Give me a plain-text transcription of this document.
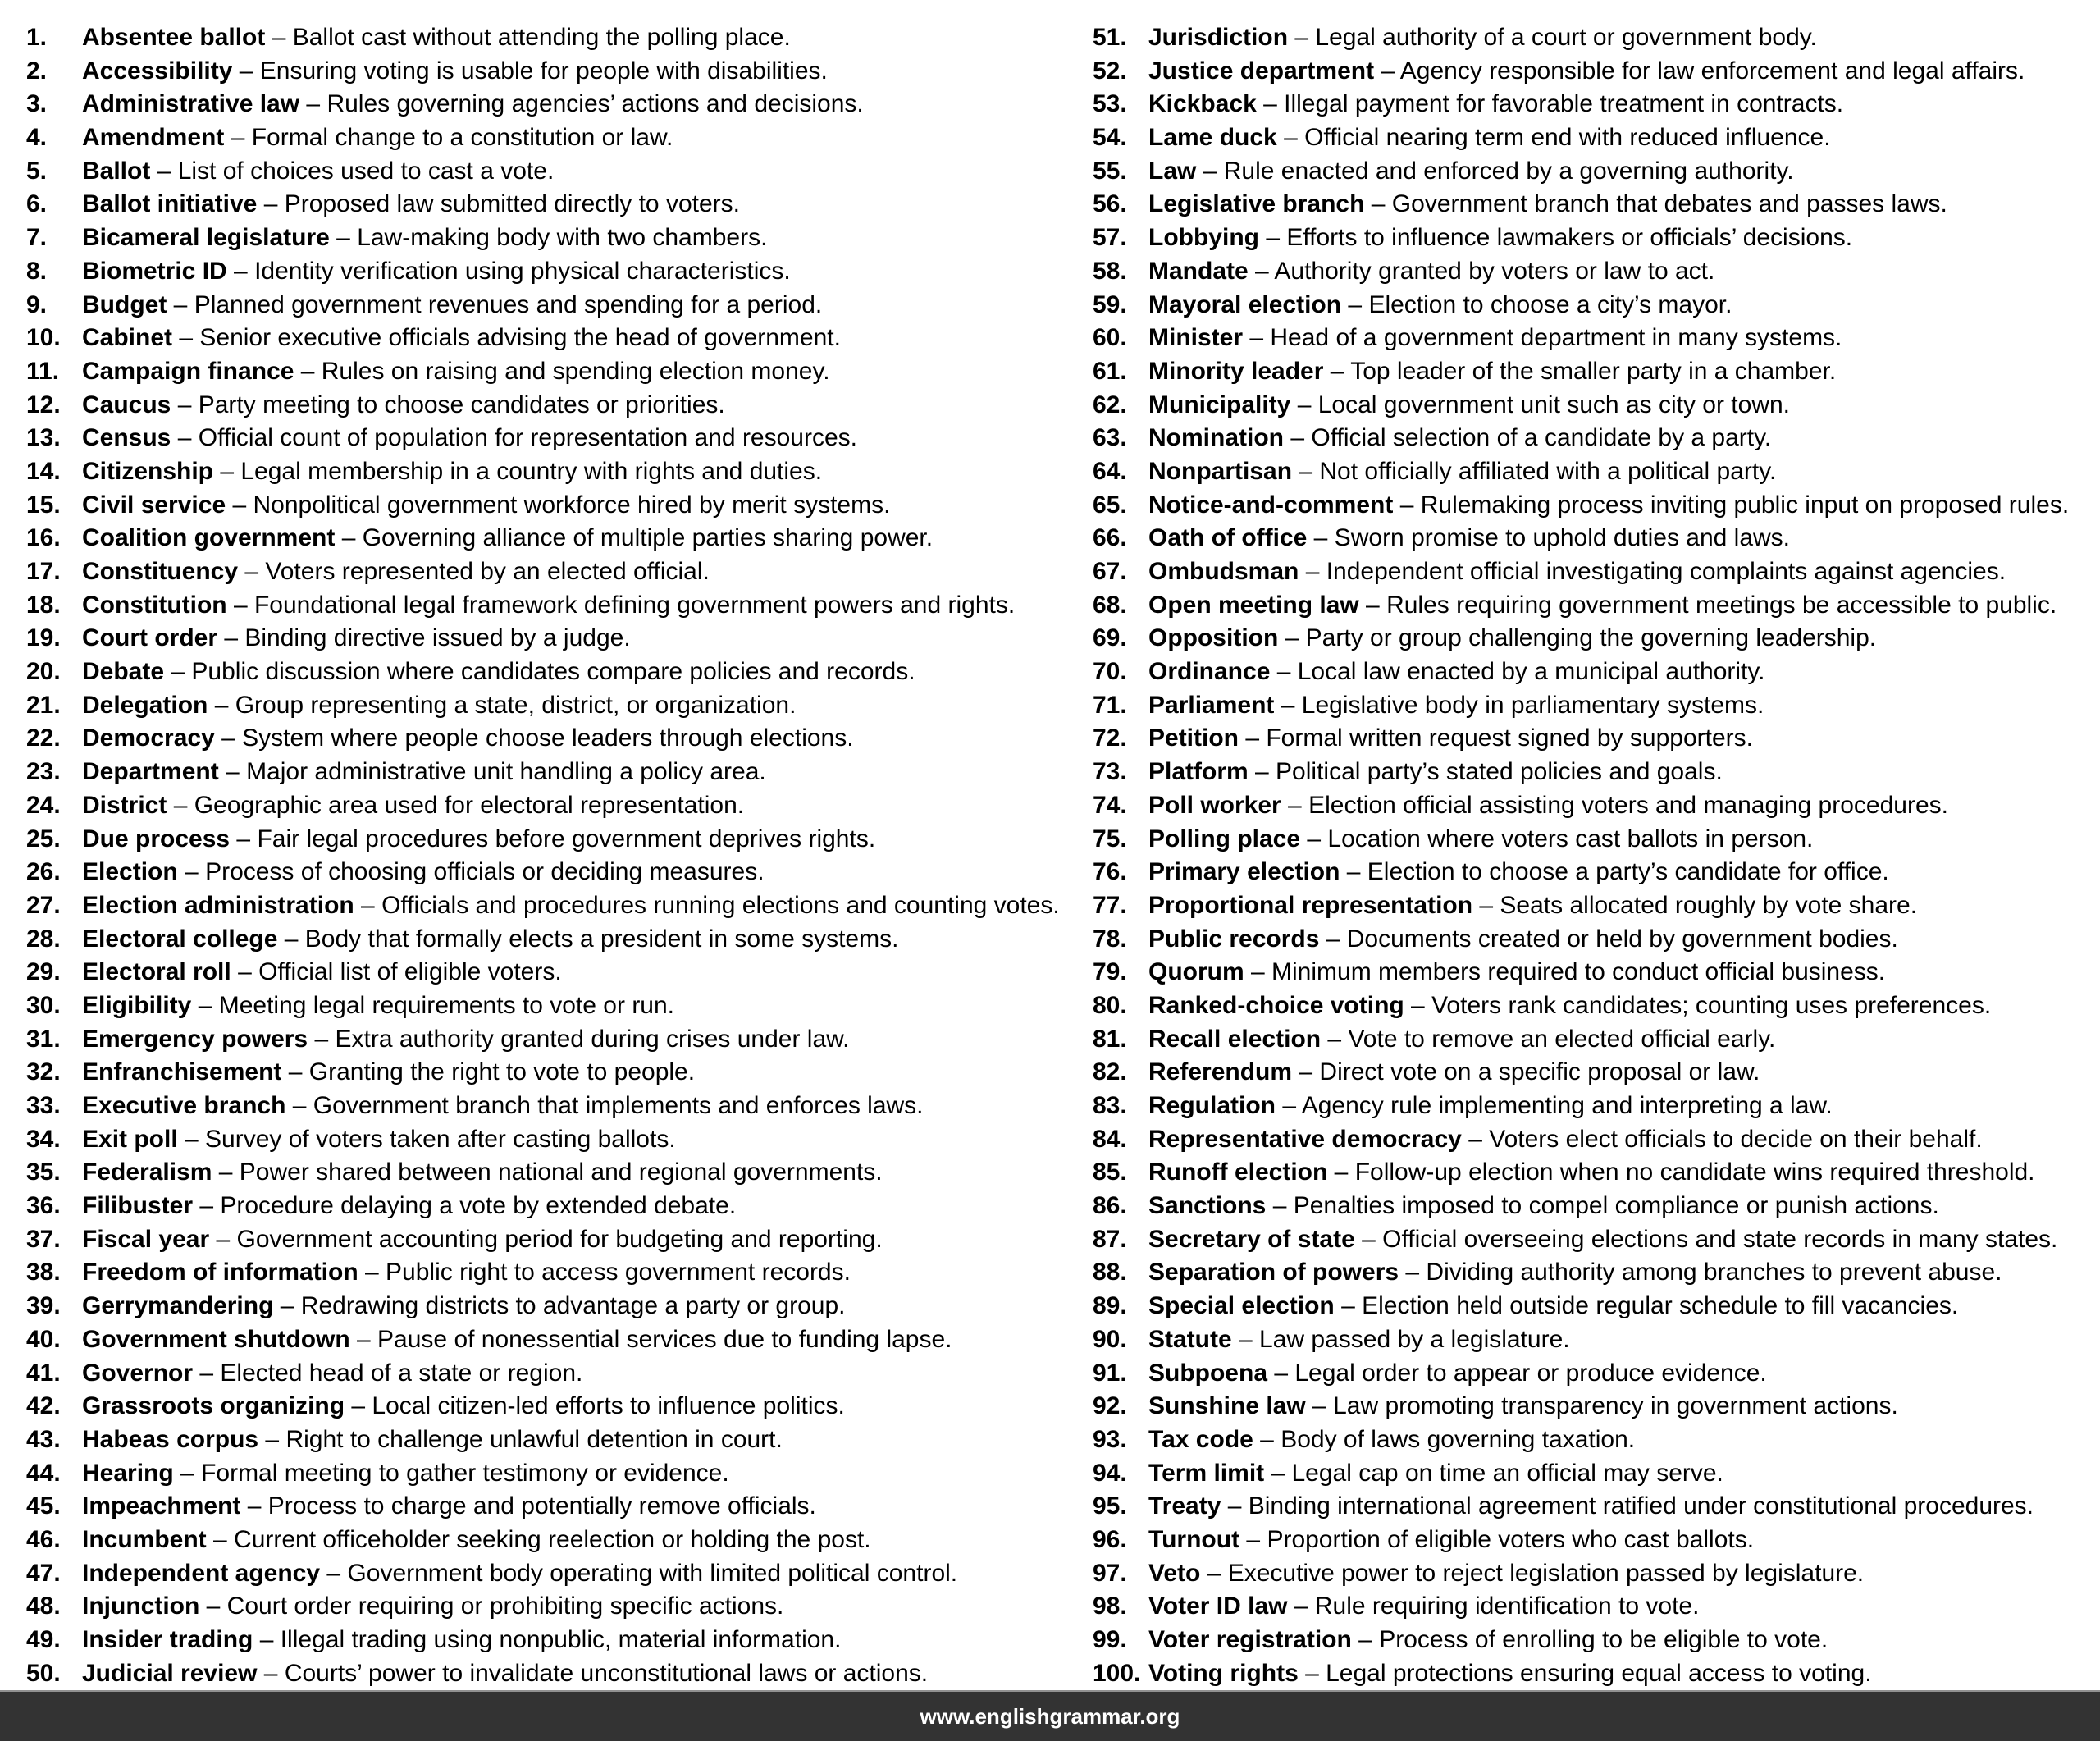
1.	Absentee ballot – Ballot cast without attending the polling place.
2.	Accessibility – Ensuring voting is usable for people with disabilities.
3.	Administrative law – Rules governing agencies’ actions and decisions.
4.	Amendment – Formal change to a constitution or law.
5.	Ballot – List of choices used to cast a vote.
6.	Ballot initiative – Proposed law submitted directly to voters.
7.	Bicameral legislature – Law-making body with two chambers.
8.	Biometric ID – Identity verification using physical characteristics.
9.	Budget – Planned government revenues and spending for a period.
10. Cabinet – Senior executive officials advising the head of government.
11. Campaign finance – Rules on raising and spending election money.
12. Caucus – Party meeting to choose candidates or priorities.
13. Census – Official count of population for representation and resources.
14. Citizenship – Legal membership in a country with rights and duties.
15. Civil service – Nonpolitical government workforce hired by merit systems.
16. Coalition government – Governing alliance of multiple parties sharing power.
17. Constituency – Voters represented by an elected official.
18. Constitution – Foundational legal framework defining government powers and rights.
19. Court order – Binding directive issued by a judge.
20. Debate – Public discussion where candidates compare policies and records.
21. Delegation – Group representing a state, district, or organization.
22. Democracy – System where people choose leaders through elections.
23. Department – Major administrative unit handling a policy area.
24. District – Geographic area used for electoral representation.
25. Due process – Fair legal procedures before government deprives rights.
26. Election – Process of choosing officials or deciding measures.
27. Election administration – Officials and procedures running elections and counting votes.
28. Electoral college – Body that formally elects a president in some systems.
29. Electoral roll – Official list of eligible voters.
30. Eligibility – Meeting legal requirements to vote or run.
31. Emergency powers – Extra authority granted during crises under law.
32. Enfranchisement – Granting the right to vote to people.
33. Executive branch – Government branch that implements and enforces laws.
34. Exit poll – Survey of voters taken after casting ballots.
35. Federalism – Power shared between national and regional governments.
36. Filibuster – Procedure delaying a vote by extended debate.
37. Fiscal year – Government accounting period for budgeting and reporting.
38. Freedom of information – Public right to access government records.
39. Gerrymandering – Redrawing districts to advantage a party or group.
40. Government shutdown – Pause of nonessential services due to funding lapse.
41. Governor – Elected head of a state or region.
42. Grassroots organizing – Local citizen-led efforts to influence politics.
43. Habeas corpus – Right to challenge unlawful detention in court.
44. Hearing – Formal meeting to gather testimony or evidence.
45. Impeachment – Process to charge and potentially remove officials.
46. Incumbent – Current officeholder seeking reelection or holding the post.
47. Independent agency – Government body operating with limited political control.
48. Injunction – Court order requiring or prohibiting specific actions.
49. Insider trading – Illegal trading using nonpublic, material information.
50. Judicial review – Courts’ power to invalidate unconstitutional laws or actions.
51. Jurisdiction – Legal authority of a court or government body.
52. Justice department – Agency responsible for law enforcement and legal affairs.
53. Kickback – Illegal payment for favorable treatment in contracts.
54. Lame duck – Official nearing term end with reduced influence.
55. Law – Rule enacted and enforced by a governing authority.
56. Legislative branch – Government branch that debates and passes laws.
57. Lobbying – Efforts to influence lawmakers or officials’ decisions.
58. Mandate – Authority granted by voters or law to act.
59. Mayoral election – Election to choose a city’s mayor.
60. Minister – Head of a government department in many systems.
61. Minority leader – Top leader of the smaller party in a chamber.
62. Municipality – Local government unit such as city or town.
63. Nomination – Official selection of a candidate by a party.
64. Nonpartisan – Not officially affiliated with a political party.
65. Notice-and-comment – Rulemaking process inviting public input on proposed rules.
66. Oath of office – Sworn promise to uphold duties and laws.
67. Ombudsman – Independent official investigating complaints against agencies.
68. Open meeting law – Rules requiring government meetings be accessible to public.
69. Opposition – Party or group challenging the governing leadership.
70. Ordinance – Local law enacted by a municipal authority.
71. Parliament – Legislative body in parliamentary systems.
72. Petition – Formal written request signed by supporters.
73. Platform – Political party’s stated policies and goals.
74. Poll worker – Election official assisting voters and managing procedures.
75. Polling place – Location where voters cast ballots in person.
76. Primary election – Election to choose a party’s candidate for office.
77. Proportional representation – Seats allocated roughly by vote share.
78. Public records – Documents created or held by government bodies.
79. Quorum – Minimum members required to conduct official business.
80. Ranked-choice voting – Voters rank candidates; counting uses preferences.
81. Recall election – Vote to remove an elected official early.
82. Referendum – Direct vote on a specific proposal or law.
83. Regulation – Agency rule implementing and interpreting a law.
84. Representative democracy – Voters elect officials to decide on their behalf.
85. Runoff election – Follow-up election when no candidate wins required threshold.
86. Sanctions – Penalties imposed to compel compliance or punish actions.
87. Secretary of state – Official overseeing elections and state records in many states.
88. Separation of powers – Dividing authority among branches to prevent abuse.
89. Special election – Election held outside regular schedule to fill vacancies.
90. Statute – Law passed by a legislature.
91. Subpoena – Legal order to appear or produce evidence.
92. Sunshine law – Law promoting transparency in government actions.
93. Tax code – Body of laws governing taxation.
94. Term limit – Legal cap on time an official may serve.
95. Treaty – Binding international agreement ratified under constitutional procedures.
96. Turnout – Proportion of eligible voters who cast ballots.
97. Veto – Executive power to reject legislation passed by legislature.
98. Voter ID law – Rule requiring identification to vote.
99. Voter registration – Process of enrolling to be eligible to vote.
100. Voting rights – Legal protections ensuring equal access to voting.
www.englishgrammar.org
